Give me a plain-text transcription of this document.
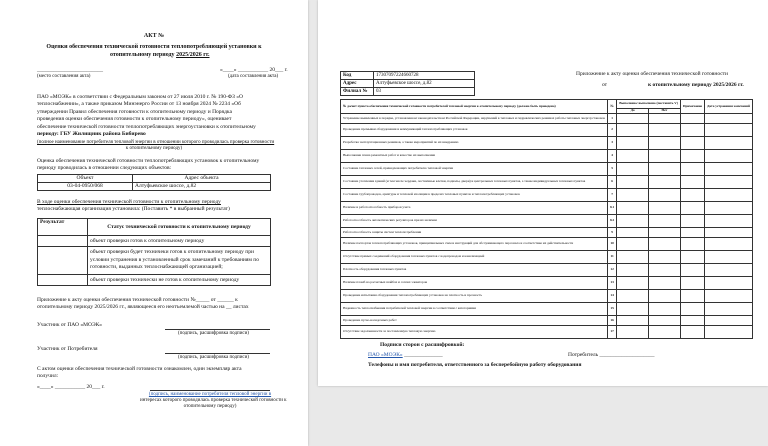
АКТ №
Оценки обеспечения технической готовности теплопотребляющей установки к
отопительному периоду 2025/2026 гг.
________________________	«____» ___________ 20___ г.
(место составления акта)	(дата составления акта)
ПАО «МОЭК» в соответствии с Федеральным законом от 27 июля 2010 г. № 190-ФЗ «О
теплоснабжении», а также приказом Минэнерго России от 13 ноября 2024 № 2234 «Об
утверждении Правил обеспечения готовности к отопительному периоду и Порядка
проведения оценки обеспечения готовности к отопительному периоду», оценивает
обеспечение технической готовности теплопотребляющих энергоустановки к отопительному
периоду: ГБУ Жилищник района Бибирево
(полное наименование потребителя тепловой энергии в отношении которого проводилась проверка готовности
к отопительному периоду)
Оценка обеспечения технической готовности теплопотребляющих установок к отопительному
периоду проводилась в отношении следующих объектов:
Объект	Адрес объекта
03-04-0950/068	Алтуфьевское шоссе, д.82
В ходе оценки обеспечения технической готовности к отопительному периоду
теплоснабжающая организация установила: (Поставить * в выбранный результат)
Результат	Статус технической готовности к отопительному периоду
	объект проверки готов к отопительному периоду

	объект проверки будет техничеки готов к отопительному периоду при
условии устранения в установленный срок замечаний к требованиям по
готовности, выданных теплоснабжающей организацией;

	объект проверки технически не готов к отопительному периоду
Приложение к акту оценки обеспечения технической готовности №_____ от ______ к
отопительному периоду 2025/2026 гг., являющееся его неотъемлемой частью на __ листах
Участник от ПАО «МОЭК»
(подпись, расшифровка подписи)
Участник от Потребителя
(подпись, расшифровка подписи)
С актом оценки обеспечения технической готовности ознакомлен, один экземпляр акта
получил:
«____» ___________ 20___ г.
(подпись, наименование потребителя тепловой энергии в
интересах которого проводилась проверка технической готовности к
отопительному периоду)
Код	17307097224660728
Адрес	Алтуфьевское шоссе, д.82
Филиал №	03
Приложение к акту оценки обеспечения технической готовности
от	к отопительному периоду 2025/2026 гг.
№ да/нет пункта обеспечения технической готовности потребителей тепловой энергии к отопительному периоду (должно быть проведено)	№	Выполнено/ выполнено (поставить V)		Примечание	Дата устранения замечаний
		Да	Нет		
Устранение выявленных в порядке, установленном законодательством Российской Федерации, нарушений в тепловых и гидравлических режимах работы тепловых энергоустановок	1				
Проведение промывки оборудования и коммуникаций теплопотребляющих установок	2				
Разработка эксплуатационных режимов, а также мероприятий по их внедрению	3				
Выполнение плана ремонтных работ и качество их выполнения	4				
Состояние тепловых сетей, принадлежащих потребителю тепловой энергии	5				
Состояние утепления зданий (и тем числе чердаки, лестничные клетки, подвалы, двери) и центральных тепловых пунктов, а также индивидуальных тепловых пунктов	6				
Состояние трубопроводов, арматуры и тепловой изоляции в пределах тепловых пунктов и теплопотребляющих установок	7				
Наличие и работоспособность приборов учета	8.1				
Работоспособность автоматических регуляторов при их наличии	8.2				
Работоспособность защиты систем теплопотребления	9				
Наличие паспортов теплопотребляющих установок, принципиальных схем и инструкций для обслуживающего персонала и соответствие их действительности	10				
Отсутствие прямых соединений оборудования тепловых пунктов с водопроводом и канализацией	11				
Плотность оборудования тепловых пунктов	12				
Наличие пломб на расчетных шайбах и соплах элеваторов	13				
Проведение испытания оборудования теплопотребляющих установок на плотность и прочность	14				
Надежность теплоснабжения потребителей тепловой энергии в соответствии с категориями	15				
Проведение пуско-наладочных работ	16				
Отсутствие задолженности за поставленную тепловую энергию	17				
Подписи сторон с расшифровкой:
ПАО «МОЭК» ______________	Потребитель ____________________
Телефоны и имя потребителя, ответственного за бесперебойную работу оборудования
